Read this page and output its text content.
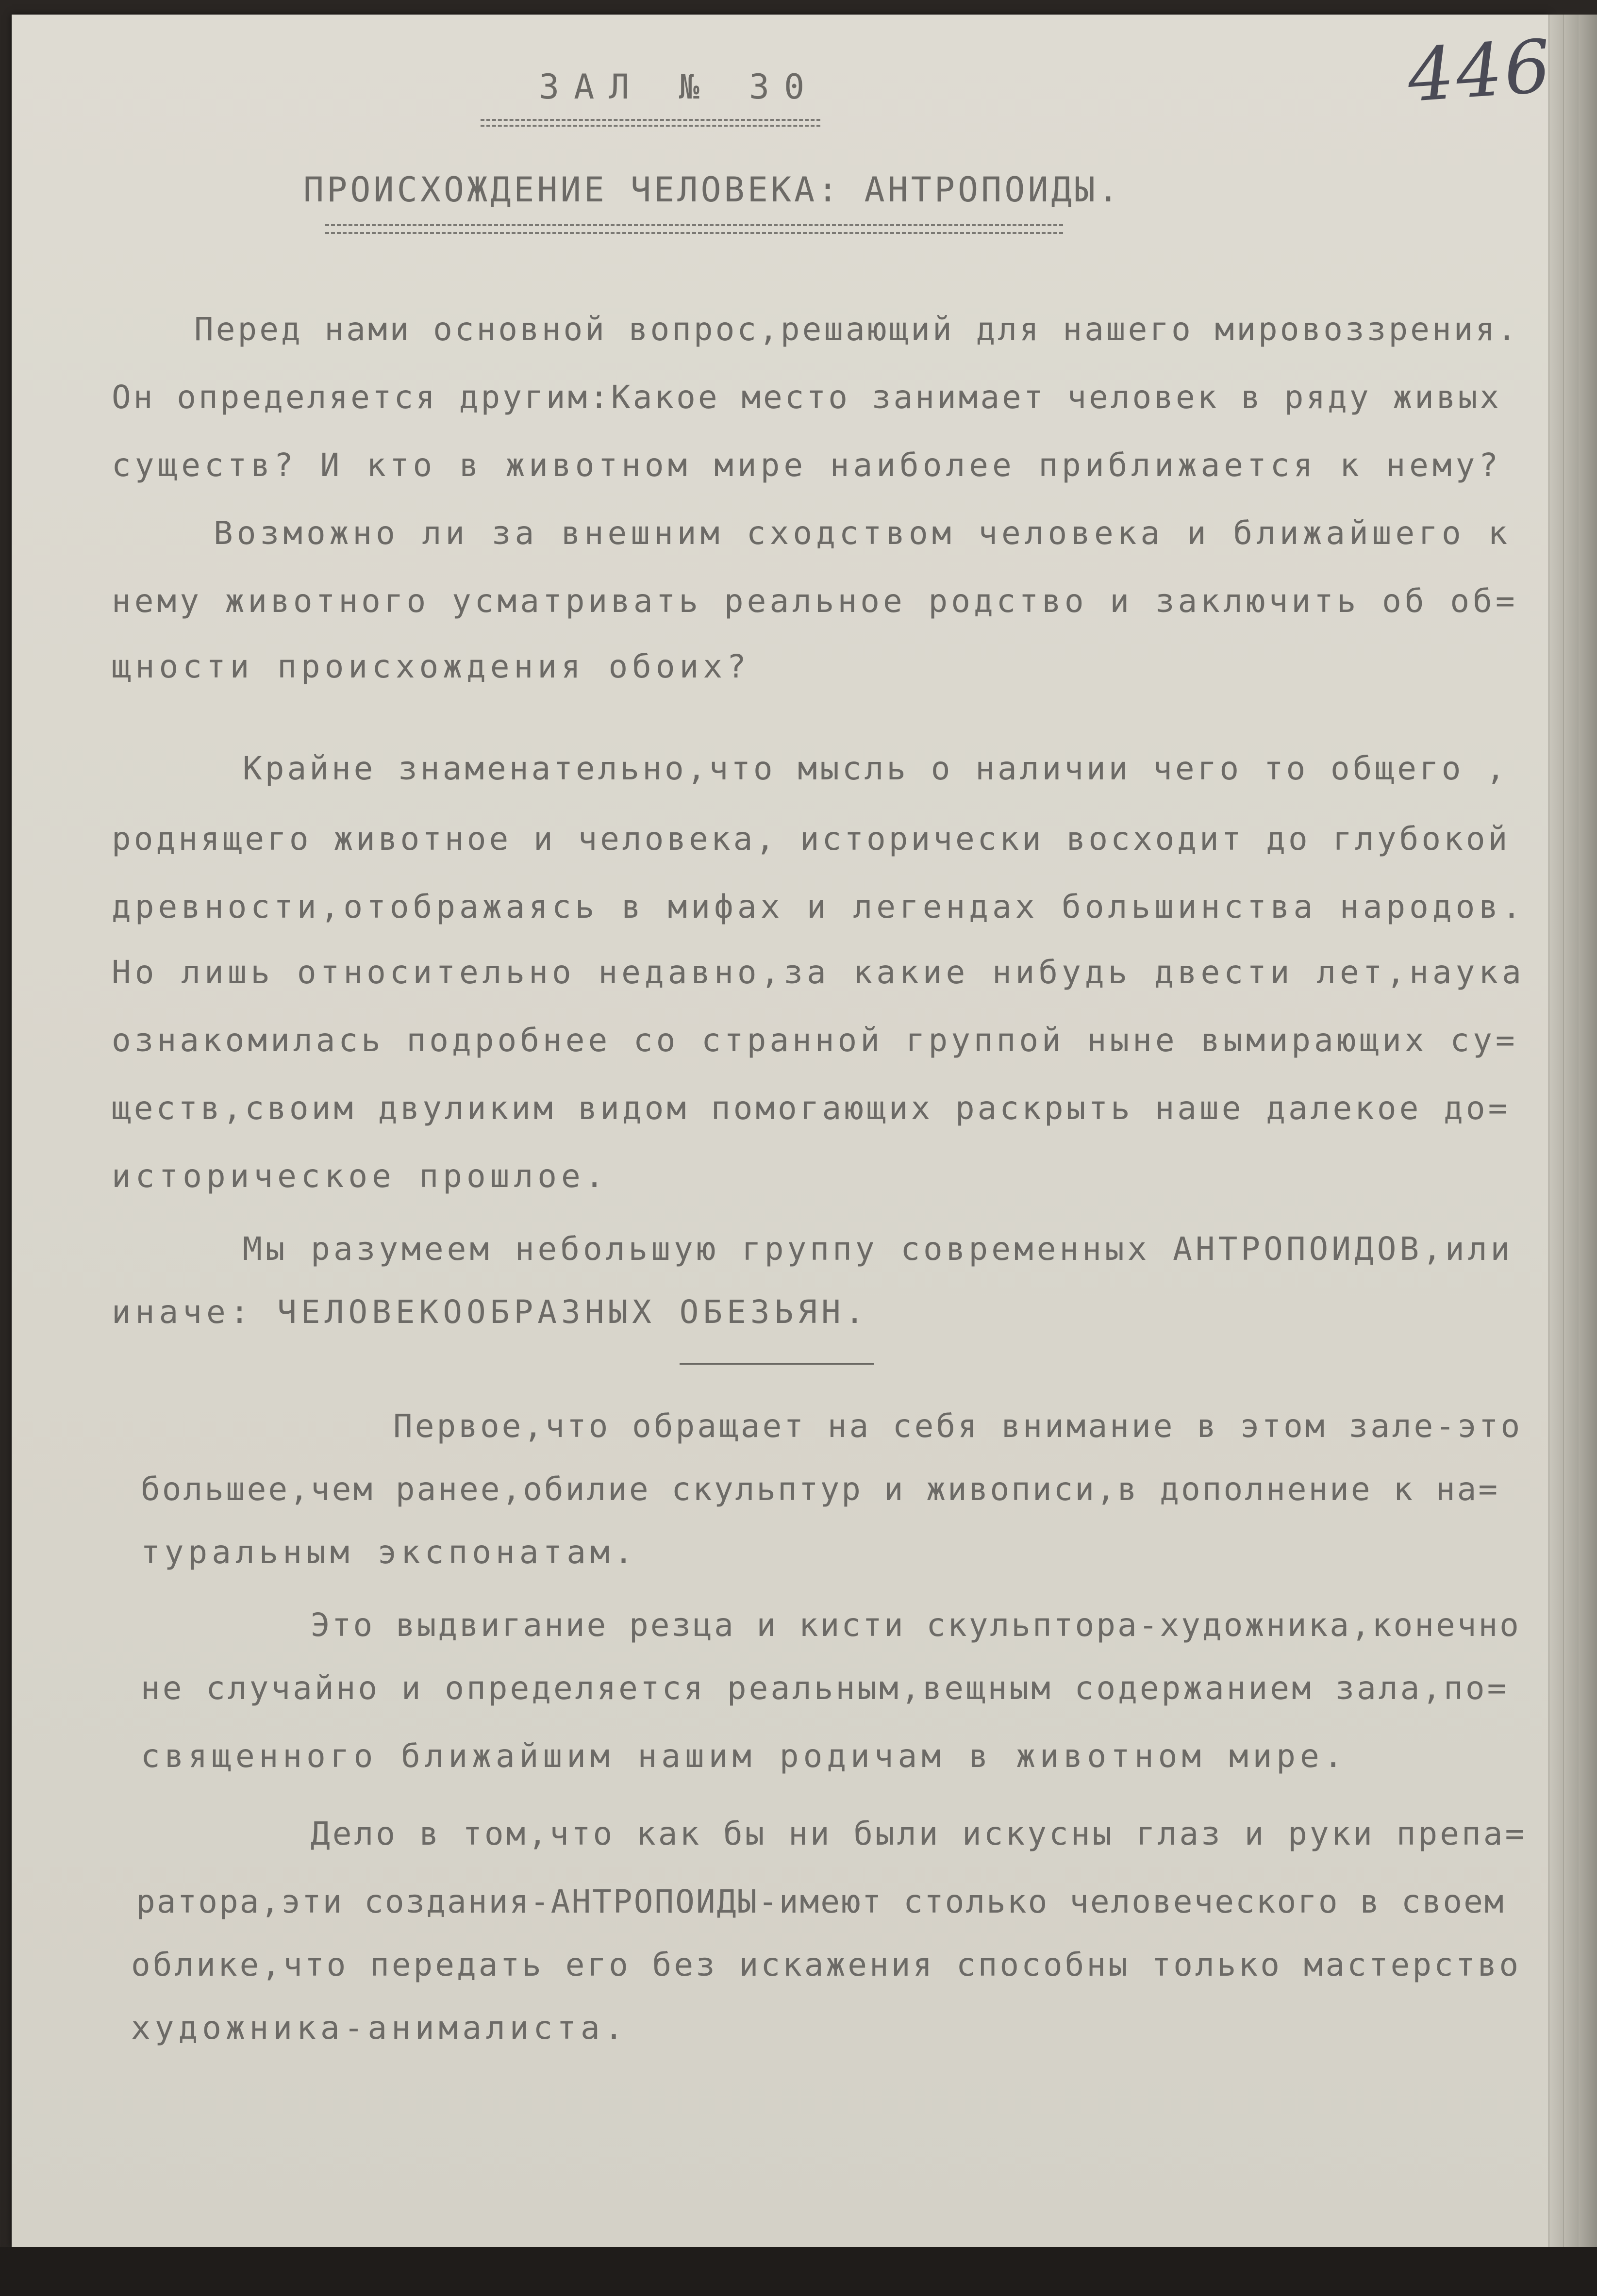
446

ЗАЛ № 30

ПРОИСХОЖДЕНИЕ ЧЕЛОВЕКА: АНТРОПОИДЫ.

Перед нами основной вопрос,решающий для нашего мировоззрения.

Он определяется другим:Какое место занимает человек в ряду живых

существ? И кто в животном мире наиболее приближается к нему?

Возможно ли за внешним сходством человека и ближайшего к

нему животного усматривать реальное родство и заключить об об=

щности происхождения обоих?

Крайне знаменательно,что мысль о наличии чего то общего ,

роднящего животное и человека, исторически восходит до глубокой

древности,отображаясь в мифах и легендах большинства народов.

Но лишь относительно недавно,за какие нибудь двести лет,наука

ознакомилась подробнее со странной группой ныне вымирающих су=

ществ,своим двуликим видом помогающих раскрыть наше далекое до=

историческое прошлое.

Мы разумеем небольшую группу современных АНТРОПОИДОВ,или

иначе: ЧЕЛОВЕКООБРАЗНЫХ ОБЕЗЬЯН.

Первое,что обращает на себя внимание в этом зале-это

большее,чем ранее,обилие скульптур и живописи,в дополнение к на=

туральным экспонатам.

Это выдвигание резца и кисти скульптора-художника,конечно

не случайно и определяется реальным,вещным содержанием зала,по=

священного ближайшим нашим родичам в животном мире.

Дело в том,что как бы ни были искусны глаз и руки препа=

ратора,эти создания-АНТРОПОИДЫ-имеют столько человеческого в своем

облике,что передать его без искажения способны только мастерство

художника-анималиста.
